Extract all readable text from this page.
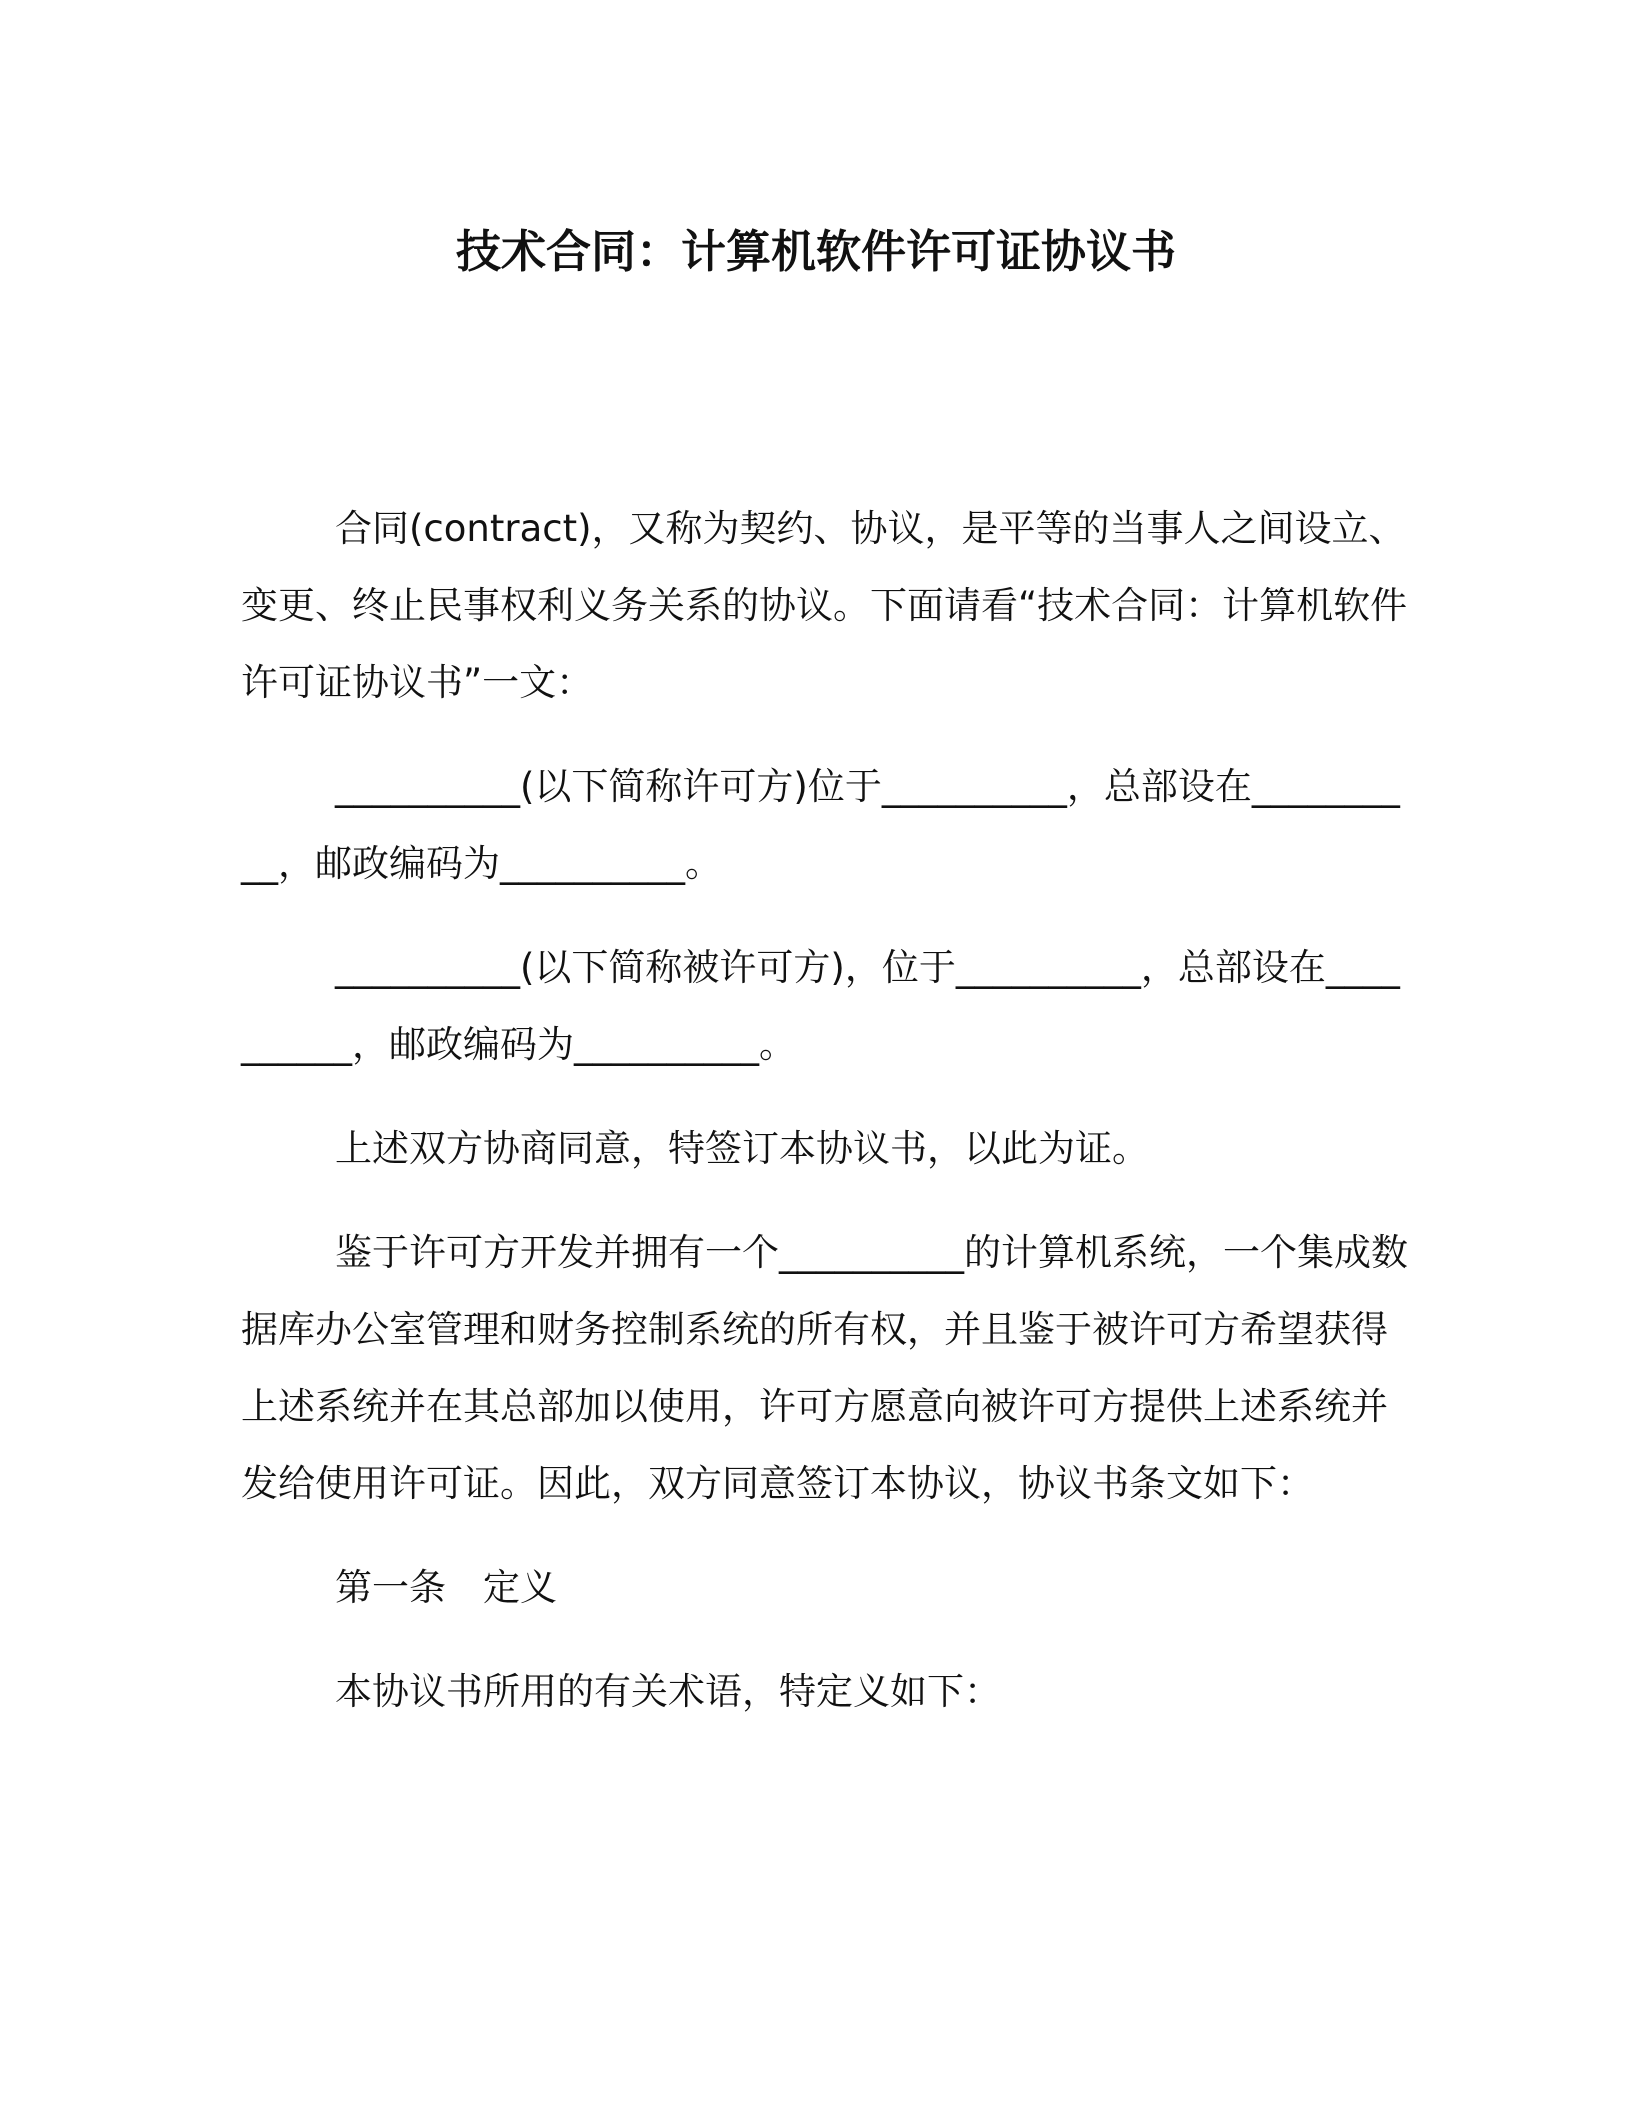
技术合同：计算机软件许可证协议书

合同(contract)，又称为契约、协议，是平等的当事人之间设立、变更、终止民事权利义务关系的协议。下面请看“技术合同：计算机软件许可证协议书”一文：

__________(以下简称许可方)位于__________，总部设在__________，邮政编码为__________。

__________(以下简称被许可方)，位于__________，总部设在__________，邮政编码为__________。

上述双方协商同意，特签订本协议书，以此为证。

鉴于许可方开发并拥有一个__________的计算机系统，一个集成数据库办公室管理和财务控制系统的所有权，并且鉴于被许可方希望获得上述系统并在其总部加以使用，许可方愿意向被许可方提供上述系统并发给使用许可证。因此，双方同意签订本协议，协议书条文如下：

第一条　定义

本协议书所用的有关术语，特定义如下：
